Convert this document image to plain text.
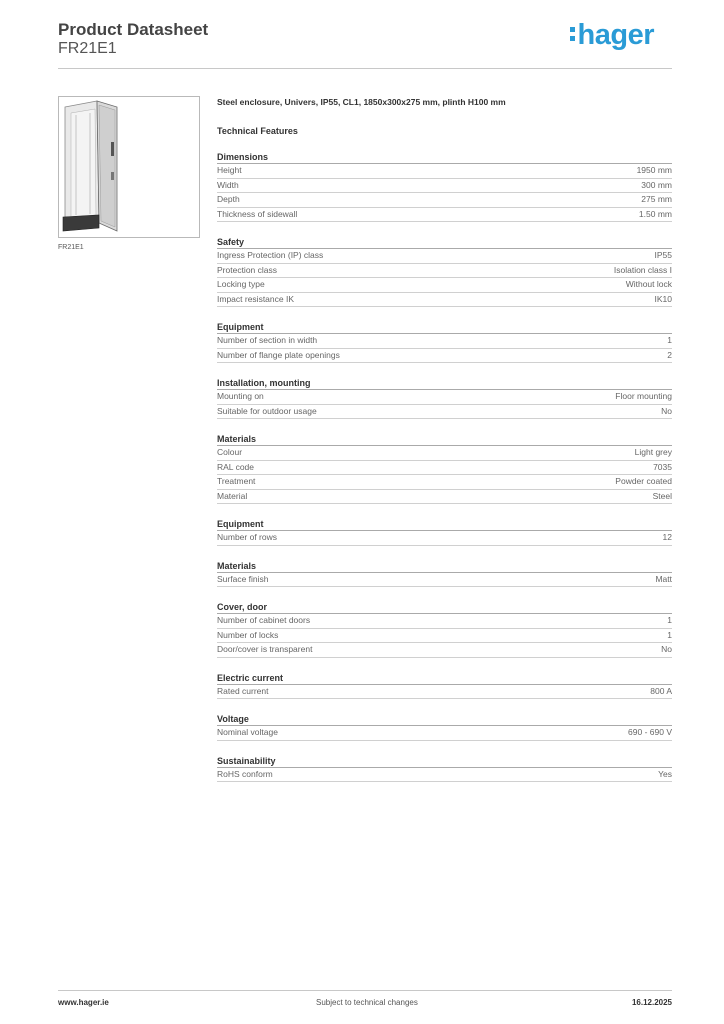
Product Datasheet
FR21E1	hager
FR21E1
Steel enclosure, Univers, IP55, CL1, 1850x300x275 mm, plinth H100 mm
Technical Features
Dimensions
Height	1950 mm
Width	300 mm
Depth	275 mm
Thickness of sidewall	1.50 mm
Safety
Ingress Protection (IP) class	IP55
Protection class	Isolation class I
Locking type	Without lock
Impact resistance IK	IK10
Equipment
Number of section in width	1
Number of flange plate openings	2
Installation, mounting
Mounting on	Floor mounting
Suitable for outdoor usage	No
Materials
Colour	Light grey
RAL code	7035
Treatment	Powder coated
Material	Steel
Equipment
Number of rows	12
Materials
Surface finish	Matt
Cover, door
Number of cabinet doors	1
Number of locks	1
Door/cover is transparent	No
Electric current
Rated current	800 A
Voltage
Nominal voltage	690 - 690 V
Sustainability
RoHS conform	Yes
www.hager.ie	Subject to technical changes	16.12.2025
